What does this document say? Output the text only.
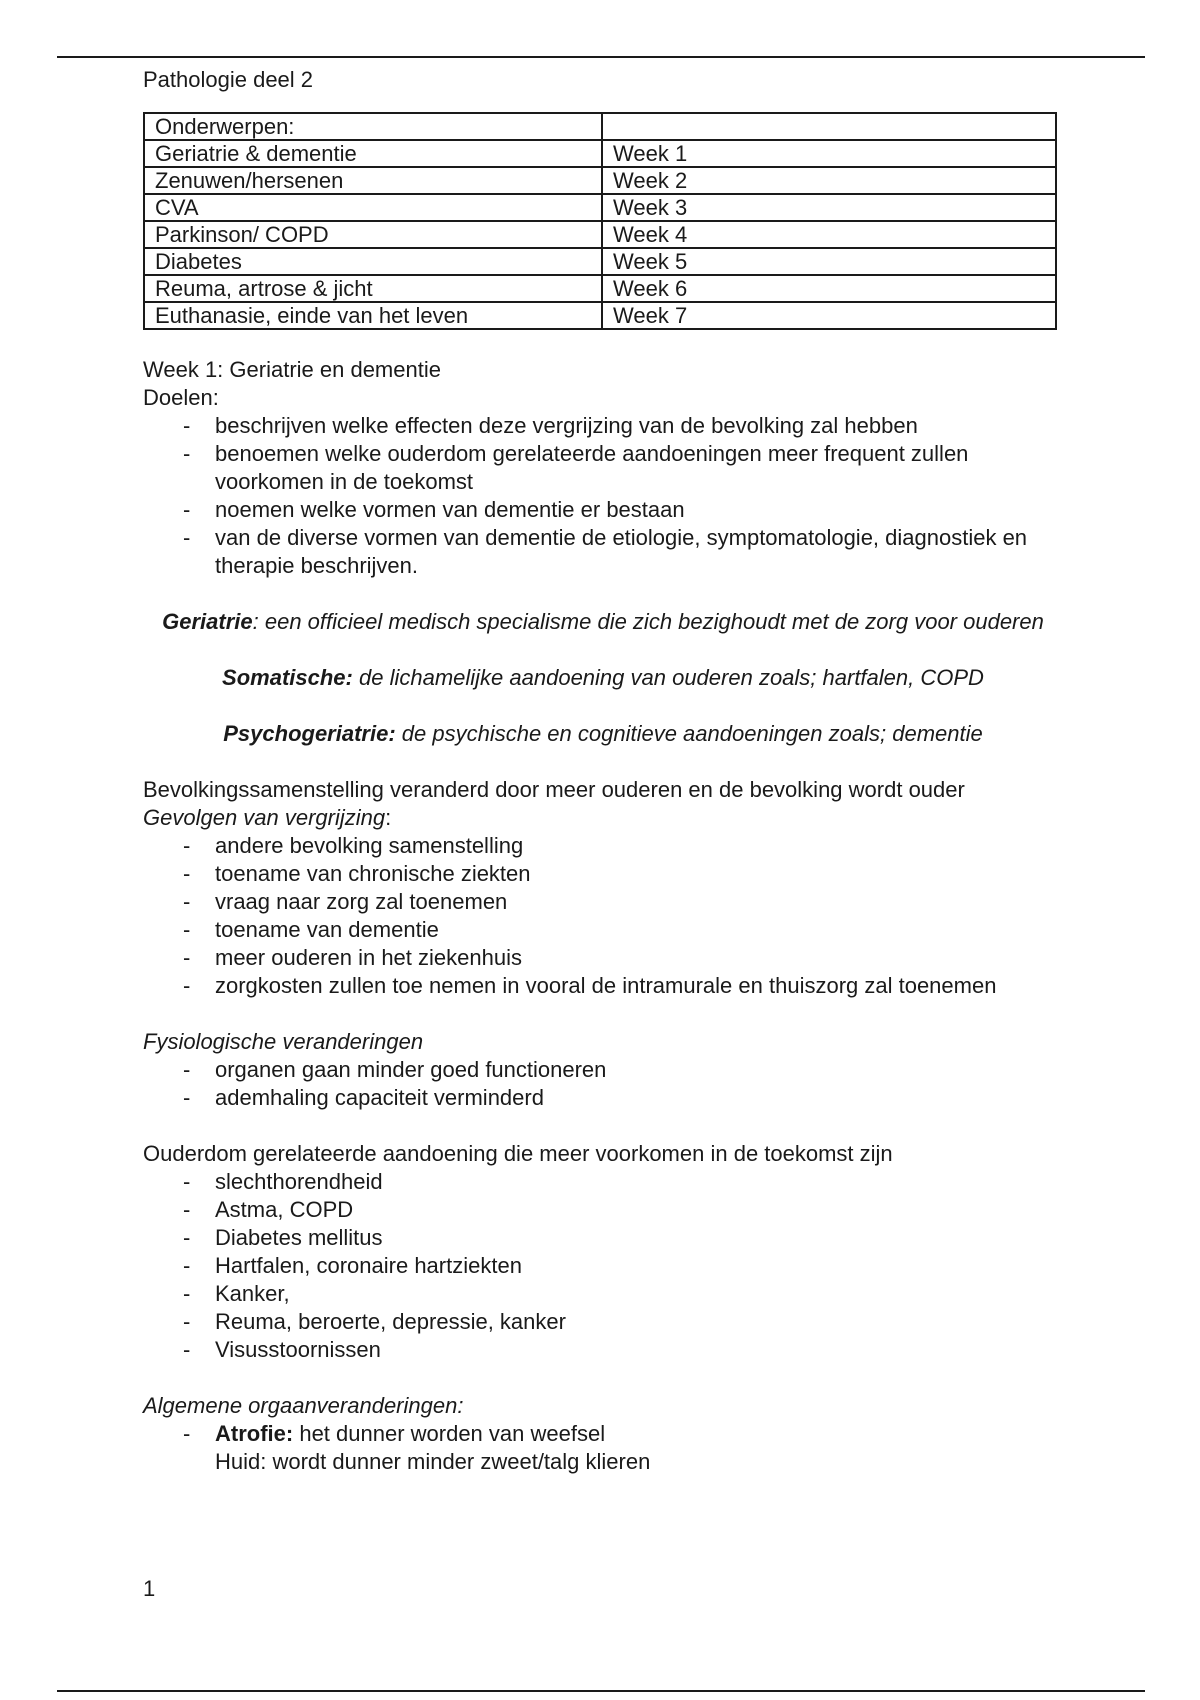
Pathologie deel 2

Onderwerpen:	
Geriatrie & dementie	Week 1
Zenuwen/hersenen	Week 2
CVA	Week 3
Parkinson/ COPD	Week 4
Diabetes	Week 5
Reuma, artrose & jicht	Week 6
Euthanasie, einde van het leven	Week 7

Week 1: Geriatrie en dementie

Doelen:

- beschrijven welke effecten deze vergrijzing van de bevolking zal hebben
- benoemen welke ouderdom gerelateerde aandoeningen meer frequent zullen voorkomen in de toekomst
- noemen welke vormen van dementie er bestaan
- van de diverse vormen van dementie de etiologie, symptomatologie, diagnostiek en therapie beschrijven.

Geriatrie: een officieel medisch specialisme die zich bezighoudt met de zorg voor ouderen

Somatische: de lichamelijke aandoening van ouderen zoals; hartfalen, COPD

Psychogeriatrie: de psychische en cognitieve aandoeningen zoals; dementie

Bevolkingssamenstelling veranderd door meer ouderen en de bevolking wordt ouder

Gevolgen van vergrijzing:

- andere bevolking samenstelling
- toename van chronische ziekten
- vraag naar zorg zal toenemen
- toename van dementie
- meer ouderen in het ziekenhuis
- zorgkosten zullen toe nemen in vooral de intramurale en thuiszorg zal toenemen

Fysiologische veranderingen

- organen gaan minder goed functioneren
- ademhaling capaciteit verminderd

Ouderdom gerelateerde aandoening die meer voorkomen in de toekomst zijn

- slechthorendheid
- Astma, COPD
- Diabetes mellitus
- Hartfalen, coronaire hartziekten
- Kanker,
- Reuma, beroerte, depressie, kanker
- Visusstoornissen

Algemene orgaanveranderingen:

- Atrofie: het dunner worden van weefsel
Huid: wordt dunner minder zweet/talg klieren
1
